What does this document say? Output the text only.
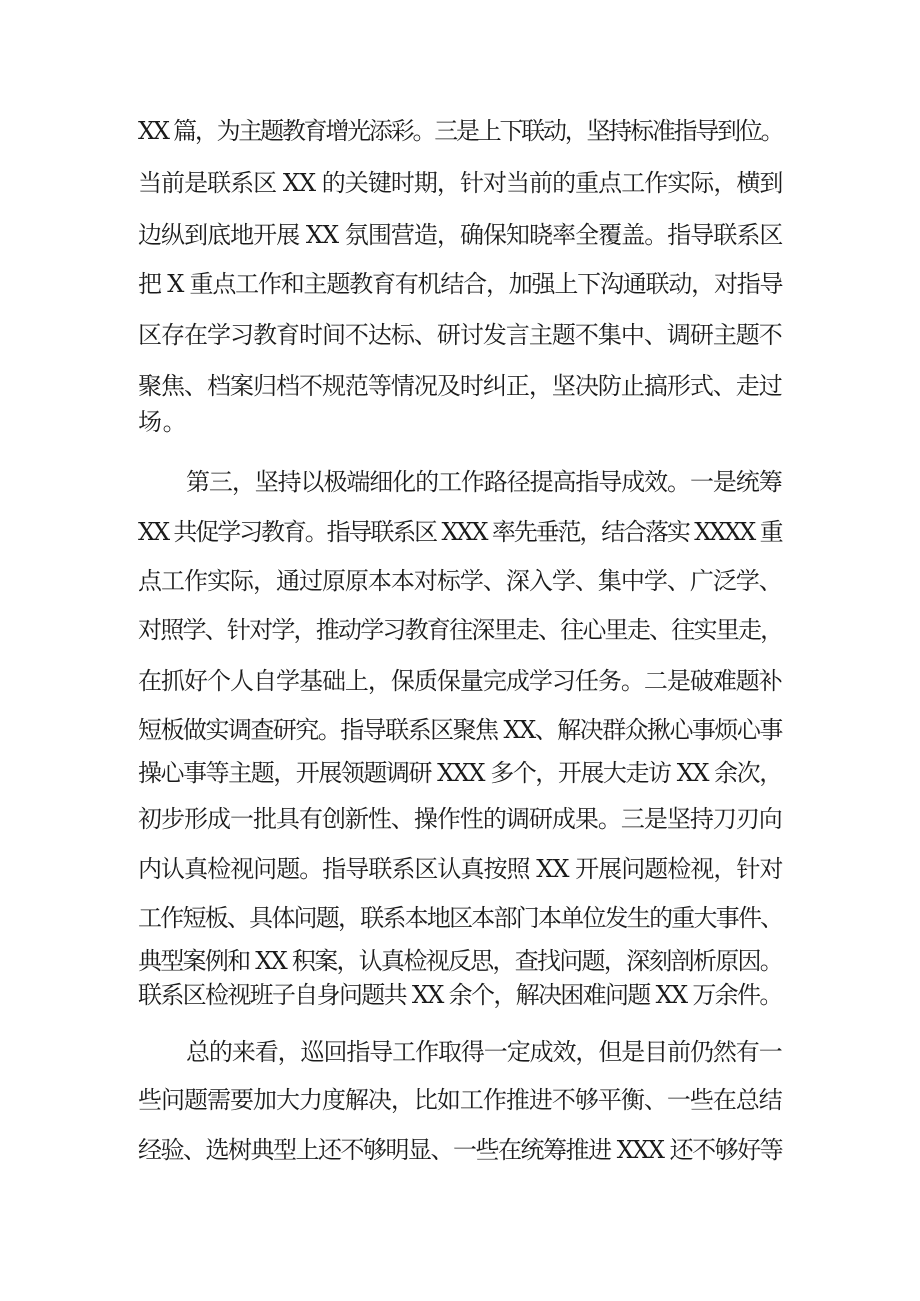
XX 篇，为主题教育增光添彩。三是上下联动，坚持标准指导到位。
当前是联系区 XX 的关键时期，针对当前的重点工作实际，横到
边纵到底地开展 XX 氛围营造，确保知晓率全覆盖。指导联系区
把 X 重点工作和主题教育有机结合，加强上下沟通联动，对指导
区存在学习教育时间不达标、研讨发言主题不集中、调研主题不
聚焦、档案归档不规范等情况及时纠正，坚决防止搞形式、走过
场。
第三，坚持以极端细化的工作路径提高指导成效。一是统筹
XX 共促学习教育。指导联系区 XXX 率先垂范，结合落实 XXXX 重
点工作实际，通过原原本本对标学、深入学、集中学、广泛学、
对照学、针对学，推动学习教育往深里走、往心里走、往实里走，
在抓好个人自学基础上，保质保量完成学习任务。二是破难题补
短板做实调查研究。指导联系区聚焦 XX、解决群众揪心事烦心事
操心事等主题，开展领题调研 XXX 多个，开展大走访 XX 余次，
初步形成一批具有创新性、操作性的调研成果。三是坚持刀刃向
内认真检视问题。指导联系区认真按照 XX 开展问题检视，针对
工作短板、具体问题，联系本地区本部门本单位发生的重大事件、
典型案例和 XX 积案，认真检视反思，查找问题，深刻剖析原因。
联系区检视班子自身问题共 XX 余个，解决困难问题 XX 万余件。
总的来看，巡回指导工作取得一定成效，但是目前仍然有一
些问题需要加大力度解决，比如工作推进不够平衡、一些在总结
经验、选树典型上还不够明显、一些在统筹推进 XXX 还不够好等
